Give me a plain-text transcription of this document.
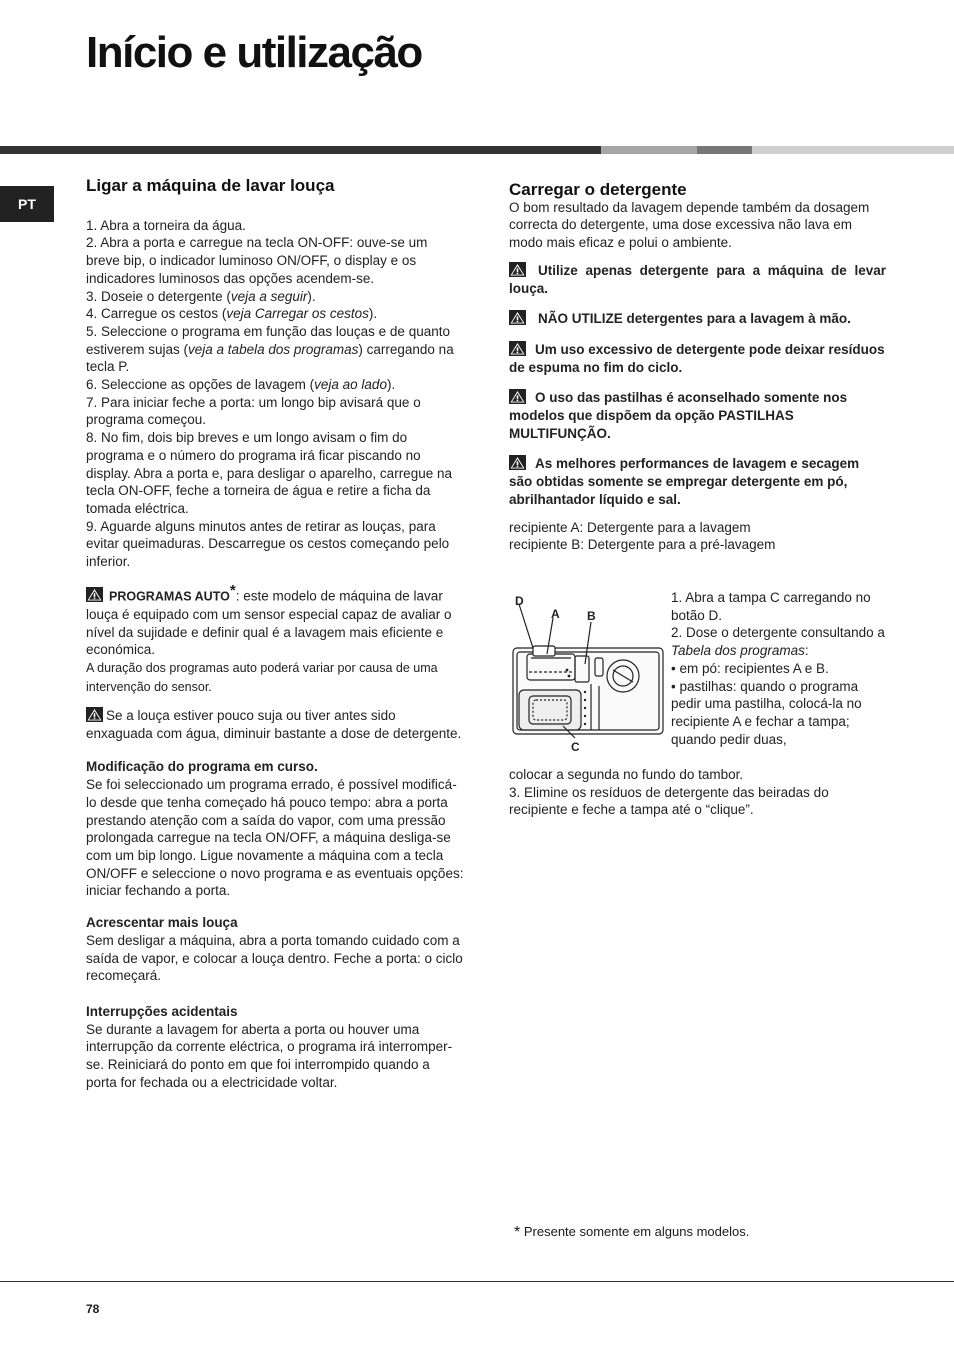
Início e utilização
PT
Ligar a máquina de lavar louça

1. Abra a torneira da água.

2. Abra a porta e carregue na tecla ON-OFF: ouve-se um breve bip, o indicador luminoso ON/OFF, o display e os indicadores luminosos das opções acendem-se.

3. Doseie o detergente (veja a seguir).

4. Carregue os cestos (veja Carregar os cestos).

5. Seleccione o programa em função das louças e de quanto estiverem sujas (veja a tabela dos programas) carregando na tecla P.

6. Seleccione as opções de lavagem (veja ao lado).

7. Para iniciar feche a porta: um longo bip avisará que o programa começou.

8. No fim, dois bip breves e um longo avisam o fim do programa e o número do programa irá ficar piscando no display. Abra a porta e, para desligar o aparelho, carregue na tecla ON-OFF, feche a torneira de água e retire a ficha da tomada eléctrica.

9. Aguarde alguns minutos antes de retirar as louças, para evitar queimaduras. Descarregue os cestos começando pelo inferior.

PROGRAMAS AUTO*: este modelo de máquina de lavar louça é equipado com um sensor especial capaz de avaliar o nível da sujidade e definir qual é a lavagem mais eficiente e económica.

A duração dos programas auto poderá variar por causa de uma intervenção do sensor.

Se a louça estiver pouco suja ou tiver antes sido enxaguada com água, diminuir bastante a dose de detergente.

Modificação do programa em curso.

Se foi seleccionado um programa errado, é possível modificá-lo desde que tenha começado há pouco tempo: abra a porta prestando atenção com a saída do vapor, com uma pressão prolongada carregue na tecla ON/OFF, a máquina desliga-se com um bip longo. Ligue novamente a máquina com a tecla ON/OFF e seleccione o novo programa e as eventuais opções: iniciar fechando a porta.

Acrescentar mais louça

Sem desligar a máquina, abra a porta tomando cuidado com a saída de vapor, e colocar a louça dentro. Feche a porta: o ciclo recomeçará.

Interrupções acidentais

Se durante a lavagem for aberta a porta ou houver uma interrupção da corrente eléctrica, o programa irá interromper-se. Reiniciará do ponto em que foi interrompido quando a porta for fechada ou a electricidade voltar.

Carregar o detergente

O bom resultado da lavagem depende também da dosagem correcta do detergente, uma dose excessiva não lava em modo mais eficaz e polui o ambiente.

Utilize apenas detergente para a máquina de levar louça.

NÃO UTILIZE detergentes para a lavagem à mão.

Um uso excessivo de detergente pode deixar resíduos de espuma no fim do ciclo.

O uso das pastilhas é aconselhado somente nos modelos que dispõem da opção PASTILHAS MULTIFUNÇÃO.

As melhores performances de lavagem e secagem são obtidas somente se empregar detergente em pó, abrilhantador líquido e sal.

recipiente A: Detergente para a lavagem

recipiente B: Detergente para a pré-lavagem

D
A B
C

1. Abra a tampa C carregando no botão D.

2. Dose o detergente consultando a Tabela dos programas:

• em pó: recipientes A e B.

• pastilhas: quando o programa pedir uma pastilha, colocá-la no recipiente A e fechar a tampa; quando pedir duas,

colocar a segunda no fundo do tambor.

3. Elimine os resíduos de detergente das beiradas do recipiente e feche a tampa até o “clique”.

* Presente somente em alguns modelos.
78
